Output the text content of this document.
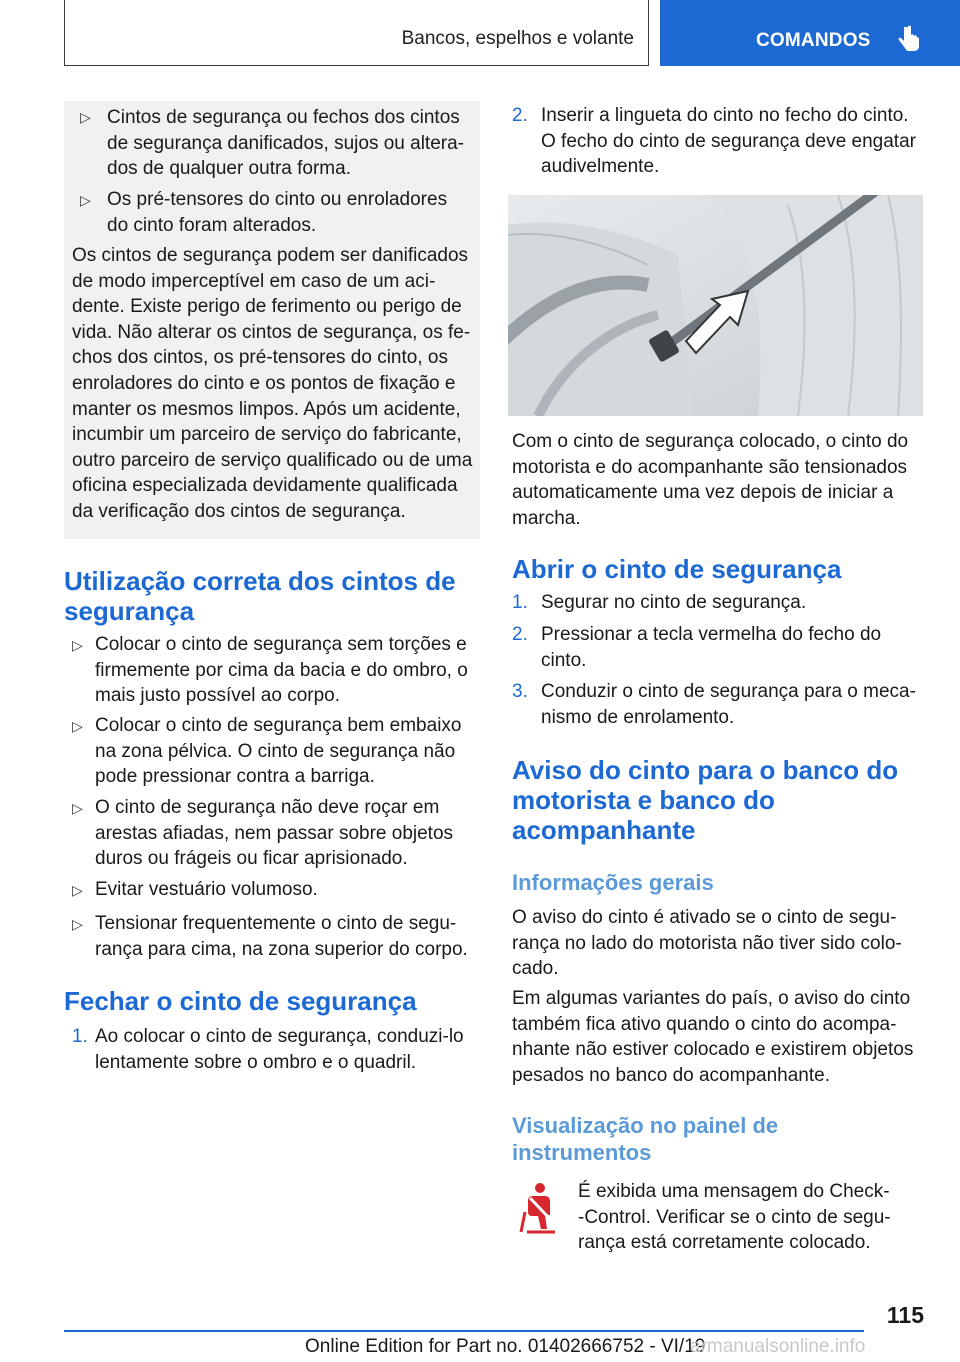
Bancos, espelhos e volante	COMANDOS
▷ Cintos de segurança ou fechos dos cintos
de segurança danificados, sujos ou altera‐
dos de qualquer outra forma.
▷ Os pré-tensores do cinto ou enroladores
do cinto foram alterados.
Os cintos de segurança podem ser danificados
de modo imperceptível em caso de um aci‐
dente. Existe perigo de ferimento ou perigo de
vida. Não alterar os cintos de segurança, os fe‐
chos dos cintos, os pré-tensores do cinto, os
enroladores do cinto e os pontos de fixação e
manter os mesmos limpos. Após um acidente,
incumbir um parceiro de serviço do fabricante,
outro parceiro de serviço qualificado ou de uma
oficina especializada devidamente qualificada
da verificação dos cintos de segurança.
Utilização correta dos cintos de
segurança
▷ Colocar o cinto de segurança sem torções e
firmemente por cima da bacia e do ombro, o
mais justo possível ao corpo.
▷ Colocar o cinto de segurança bem embaixo
na zona pélvica. O cinto de segurança não
pode pressionar contra a barriga.
▷ O cinto de segurança não deve roçar em
arestas afiadas, nem passar sobre objetos
duros ou frágeis ou ficar aprisionado.
▷ Evitar vestuário volumoso.
▷ Tensionar frequentemente o cinto de segu‐
rança para cima, na zona superior do corpo.
Fechar o cinto de segurança
1. Ao colocar o cinto de segurança, conduzi-lo
lentamente sobre o ombro e o quadril.
2. Inserir a lingueta do cinto no fecho do cinto.
O fecho do cinto de segurança deve engatar
audivelmente.
Com o cinto de segurança colocado, o cinto do
motorista e do acompanhante são tensionados
automaticamente uma vez depois de iniciar a
marcha.
Abrir o cinto de segurança
1. Segurar no cinto de segurança.
2. Pressionar a tecla vermelha do fecho do
cinto.
3. Conduzir o cinto de segurança para o meca‐
nismo de enrolamento.
Aviso do cinto para o banco do
motorista e banco do
acompanhante
Informações gerais
O aviso do cinto é ativado se o cinto de segu‐
rança no lado do motorista não tiver sido colo‐
cado.
Em algumas variantes do país, o aviso do cinto
também fica ativo quando o cinto do acompa‐
nhante não estiver colocado e existirem objetos
pesados no banco do acompanhante.
Visualização no painel de
instrumentos
É exibida uma mensagem do Check-
-Control. Verificar se o cinto de segu‐
rança está corretamente colocado.
115
Online Edition for Part no. 01402666752 - VI/19
armanualsonline.info
